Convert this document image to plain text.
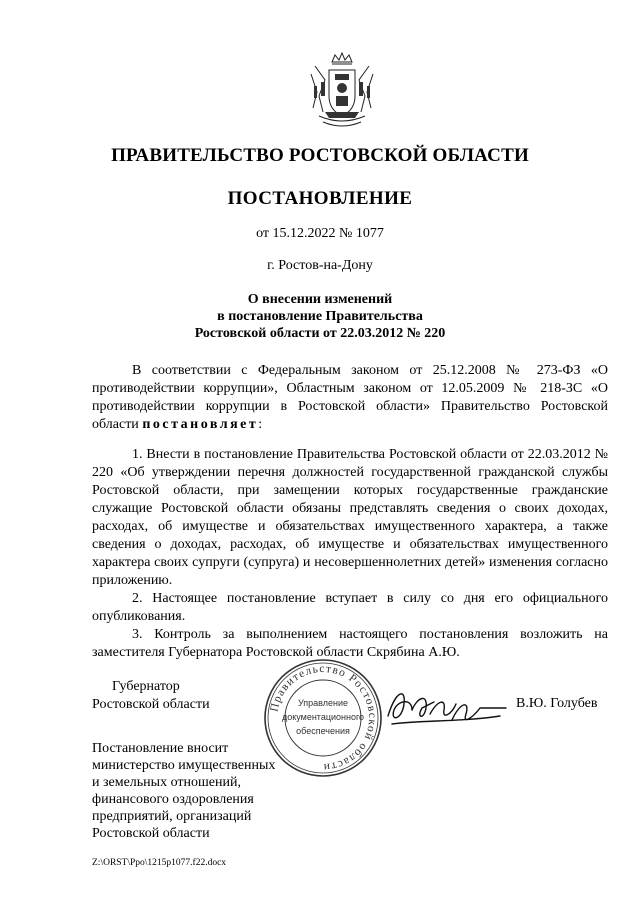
ПРАВИТЕЛЬСТВО РОСТОВСКОЙ ОБЛАСТИ
ПОСТАНОВЛЕНИЕ
от 15.12.2022 № 1077
г. Ростов-на-Дону
О внесении изменений
в постановление Правительства
Ростовской области от 22.03.2012 № 220

В соответствии с Федеральным законом от 25.12.2008 № 273-ФЗ «О противодействии коррупции», Областным законом от 12.05.2009 № 218-ЗС «О противодействии коррупции в Ростовской области» Правительство Ростовской области постановляет:

1. Внести в постановление Правительства Ростовской области от 22.03.2012 № 220 «Об утверждении перечня должностей государственной гражданской службы Ростовской области, при замещении которых государственные гражданские служащие Ростовской области обязаны представлять сведения о своих доходах, расходах, об имуществе и обязательствах имущественного характера, а также сведения о доходах, расходах, об имуществе и обязательствах имущественного характера своих супруги (супруга) и несовершеннолетних детей» изменения согласно приложению.

2. Настоящее постановление вступает в силу со дня его официального опубликования.

3. Контроль за выполнением настоящего постановления возложить на заместителя Губернатора Ростовской области Скрябина А.Ю.

Губернатор
Ростовской области	Правительство Ростовской области
Управление
документационного
обеспечения
В.Ю. Голубев
Постановление вносит
министерство имущественных
и земельных отношений,
финансового оздоровления
предприятий, организаций
Ростовской области
Z:\ORST\Ppo\1215p1077.f22.docx
